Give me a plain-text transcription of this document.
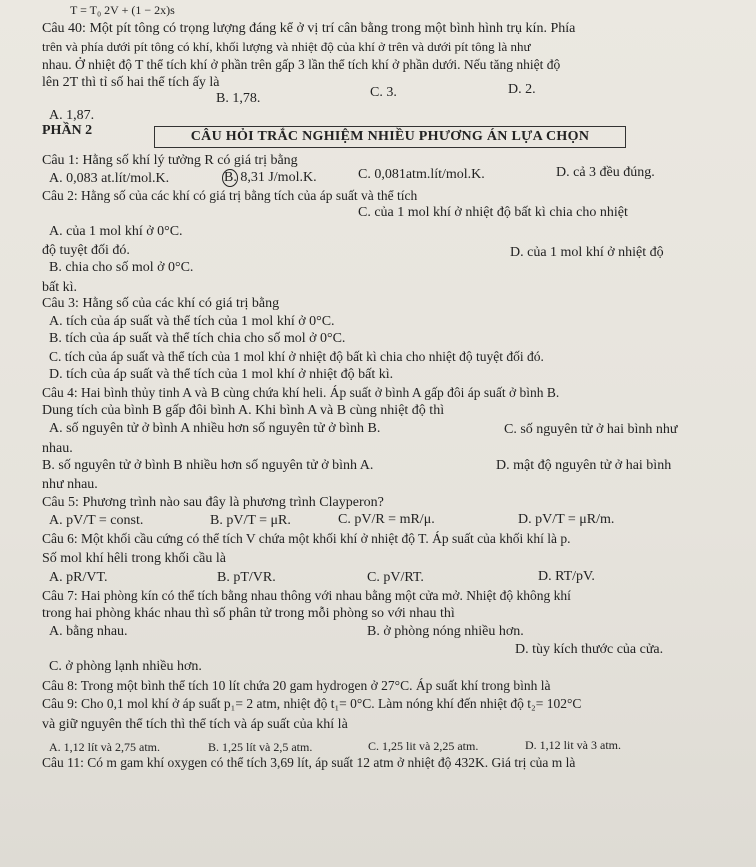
T = T₀ 2V + (1 − 2x)s
Câu 40: Một pít tông có trọng lượng đáng kể ở vị trí cân bằng trong một bình hình trụ kín. Phía
trên và phía dưới pít tông có khí, khối lượng và nhiệt độ của khí ở trên và dưới pít tông là như
nhau. Ở nhiệt độ T thể tích khí ở phần trên gấp 3 lần thể tích khí ở phần dưới. Nếu tăng nhiệt độ
lên 2T thì tỉ số hai thể tích ấy là
B. 1,78.	C. 3.	D. 2.
A. 1,87.
PHẦN 2	CÂU HỎI TRẮC NGHIỆM NHIỀU PHƯƠNG ÁN LỰA CHỌN
Câu 1: Hằng số khí lý tưởng R có giá trị bằng
A. 0,083 at.lít/mol.K.	B. 8,31 J/mol.K.	C. 0,081atm.lít/mol.K.	D. cả 3 đều đúng.
Câu 2: Hằng số của các khí có giá trị bằng tích của áp suất và thể tích
C. của 1 mol khí ở nhiệt độ bất kì chia cho nhiệt
A. của 1 mol khí ở 0°C.
độ tuyệt đối đó.	D. của 1 mol khí ở nhiệt độ
B. chia cho số mol ở 0°C.
bất kì.
Câu 3: Hằng số của các khí có giá trị bằng
A. tích của áp suất và thể tích của 1 mol khí ở 0°C.
B. tích của áp suất và thể tích chia cho số mol ở 0°C.
C. tích của áp suất và thể tích của 1 mol khí ở nhiệt độ bất kì chia cho nhiệt độ tuyệt đối đó.
D. tích của áp suất và thể tích của 1 mol khí ở nhiệt độ bất kì.
Câu 4: Hai bình thủy tinh A và B cùng chứa khí heli. Áp suất ở bình A gấp đôi áp suất ở bình B.
Dung tích của bình B gấp đôi bình A. Khi bình A và B cùng nhiệt độ thì
A. số nguyên tử ở bình A nhiều hơn số nguyên tử ở bình B.	C. số nguyên tử ở hai bình như
nhau.
B. số nguyên tử ở bình B nhiều hơn số nguyên tử ở bình A.	D. mật độ nguyên tử ở hai bình
như nhau.
Câu 5: Phương trình nào sau đây là phương trình Clayperon?
A. pV/T = const.	B. pV/T = μR.	C. pV/R = mR/μ.	D. pV/T = μR/m.
Câu 6: Một khối cầu cứng có thể tích V chứa một khối khí ở nhiệt độ T. Áp suất của khối khí là p.
Số mol khí hêli trong khối cầu là
A. pR/VT.	B. pT/VR.	C. pV/RT.	D. RT/pV.
Câu 7: Hai phòng kín có thể tích bằng nhau thông với nhau bằng một cửa mở. Nhiệt độ không khí
trong hai phòng khác nhau thì số phân tử trong mỗi phòng so với nhau thì
A. bằng nhau.	B. ở phòng nóng nhiều hơn.
D. tùy kích thước của cửa.
C. ở phòng lạnh nhiều hơn.
Câu 8: Trong một bình thể tích 10 lít chứa 20 gam hydrogen ở 27°C. Áp suất khí trong bình là
Câu 9: Cho 0,1 mol khí ở áp suất p₁= 2 atm, nhiệt độ t₁= 0°C. Làm nóng khí đến nhiệt độ t₂= 102°C
và giữ nguyên thể tích thì thể tích và áp suất của khí là
A. 1,12 lít và 2,75 atm.	B. 1,25 lít và 2,5 atm.	C. 1,25 lit và 2,25 atm.	D. 1,12 lit và 3 atm.
Câu 11: Có m gam khí oxygen có thể tích 3,69 lít, áp suất 12 atm ở nhiệt độ 432K. Giá trị của m là
